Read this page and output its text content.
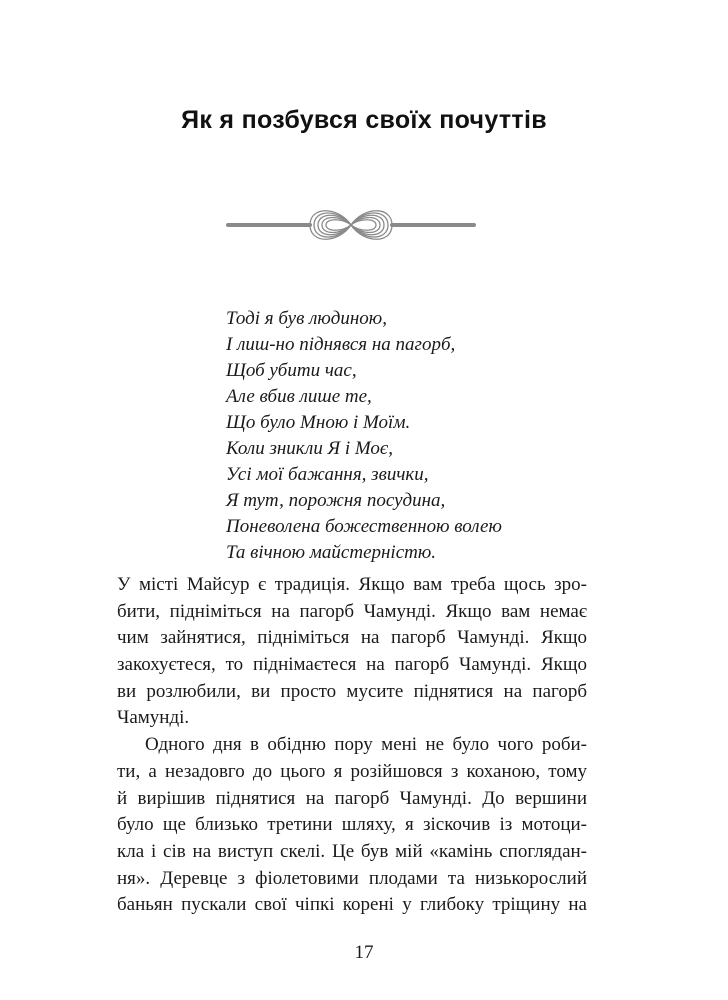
Як я позбувся своїх почуттів
Тоді я був людиною,
І лиш-но піднявся на пагорб,
Щоб убити час,
Але вбив лише те,
Що було Мною і Моїм.
Коли зникли Я і Моє,
Усі мої бажання, звички,
Я тут, порожня посудина,
Поневолена божественною волею
Та вічною майстерністю.
У місті Майсур є традиція. Якщо вам треба щось зро-
бити, підніміться на пагорб Чамунді. Якщо вам немає
чим зайнятися, підніміться на пагорб Чамунді. Якщо
закохуєтеся, то піднімаєтеся на пагорб Чамунді. Якщо
ви розлюбили, ви просто мусите піднятися на пагорб
Чамунді.
Одного дня в обідню пору мені не було чого роби-
ти, а незадовго до цього я розійшовся з коханою, тому
й вирішив піднятися на пагорб Чамунді. До вершини
було ще близько третини шляху, я зіскочив із мотоци-
кла і сів на виступ скелі. Це був мій «камінь споглядан-
ня». Деревце з фіолетовими плодами та низькорослий
баньян пускали свої чіпкі корені у глибоку тріщину на
17
